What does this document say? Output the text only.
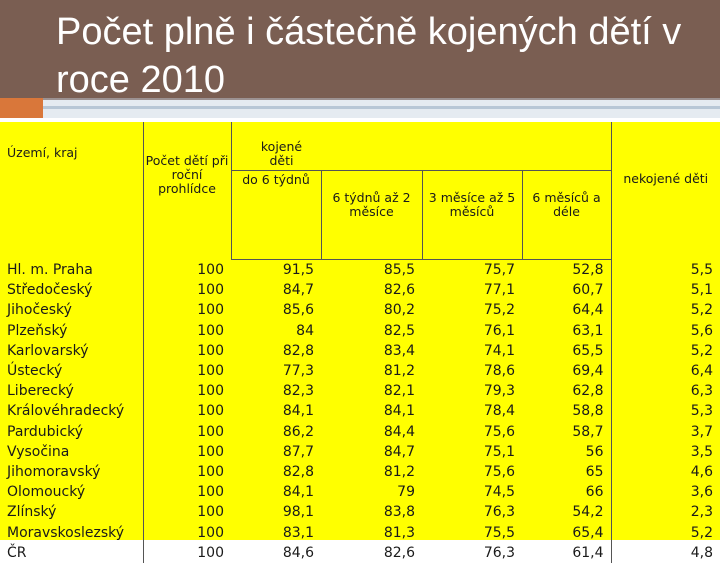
Počet plně i částečně kojených dětí v roce 2010
Území, kraj	Počet dětí při roční prohlídce	kojené děti				nekojené děti
		do 6 týdnů	6 týdnů až 2 měsíce	3 měsíce až 5 měsíců	6 měsíců a déle	
Hl. m. Praha	100	91,5	85,5	75,7	52,8	5,5
Středočeský	100	84,7	82,6	77,1	60,7	5,1
Jihočeský	100	85,6	80,2	75,2	64,4	5,2
Plzeňský	100	84	82,5	76,1	63,1	5,6
Karlovarský	100	82,8	83,4	74,1	65,5	5,2
Ústecký	100	77,3	81,2	78,6	69,4	6,4
Liberecký	100	82,3	82,1	79,3	62,8	6,3
Královéhradecký	100	84,1	84,1	78,4	58,8	5,3
Pardubický	100	86,2	84,4	75,6	58,7	3,7
Vysočina	100	87,7	84,7	75,1	56	3,5
Jihomoravský	100	82,8	81,2	75,6	65	4,6
Olomoucký	100	84,1	79	74,5	66	3,6
Zlínský	100	98,1	83,8	76,3	54,2	2,3
Moravskoslezský	100	83,1	81,3	75,5	65,4	5,2
ČR	100	84,6	82,6	76,3	61,4	4,8
